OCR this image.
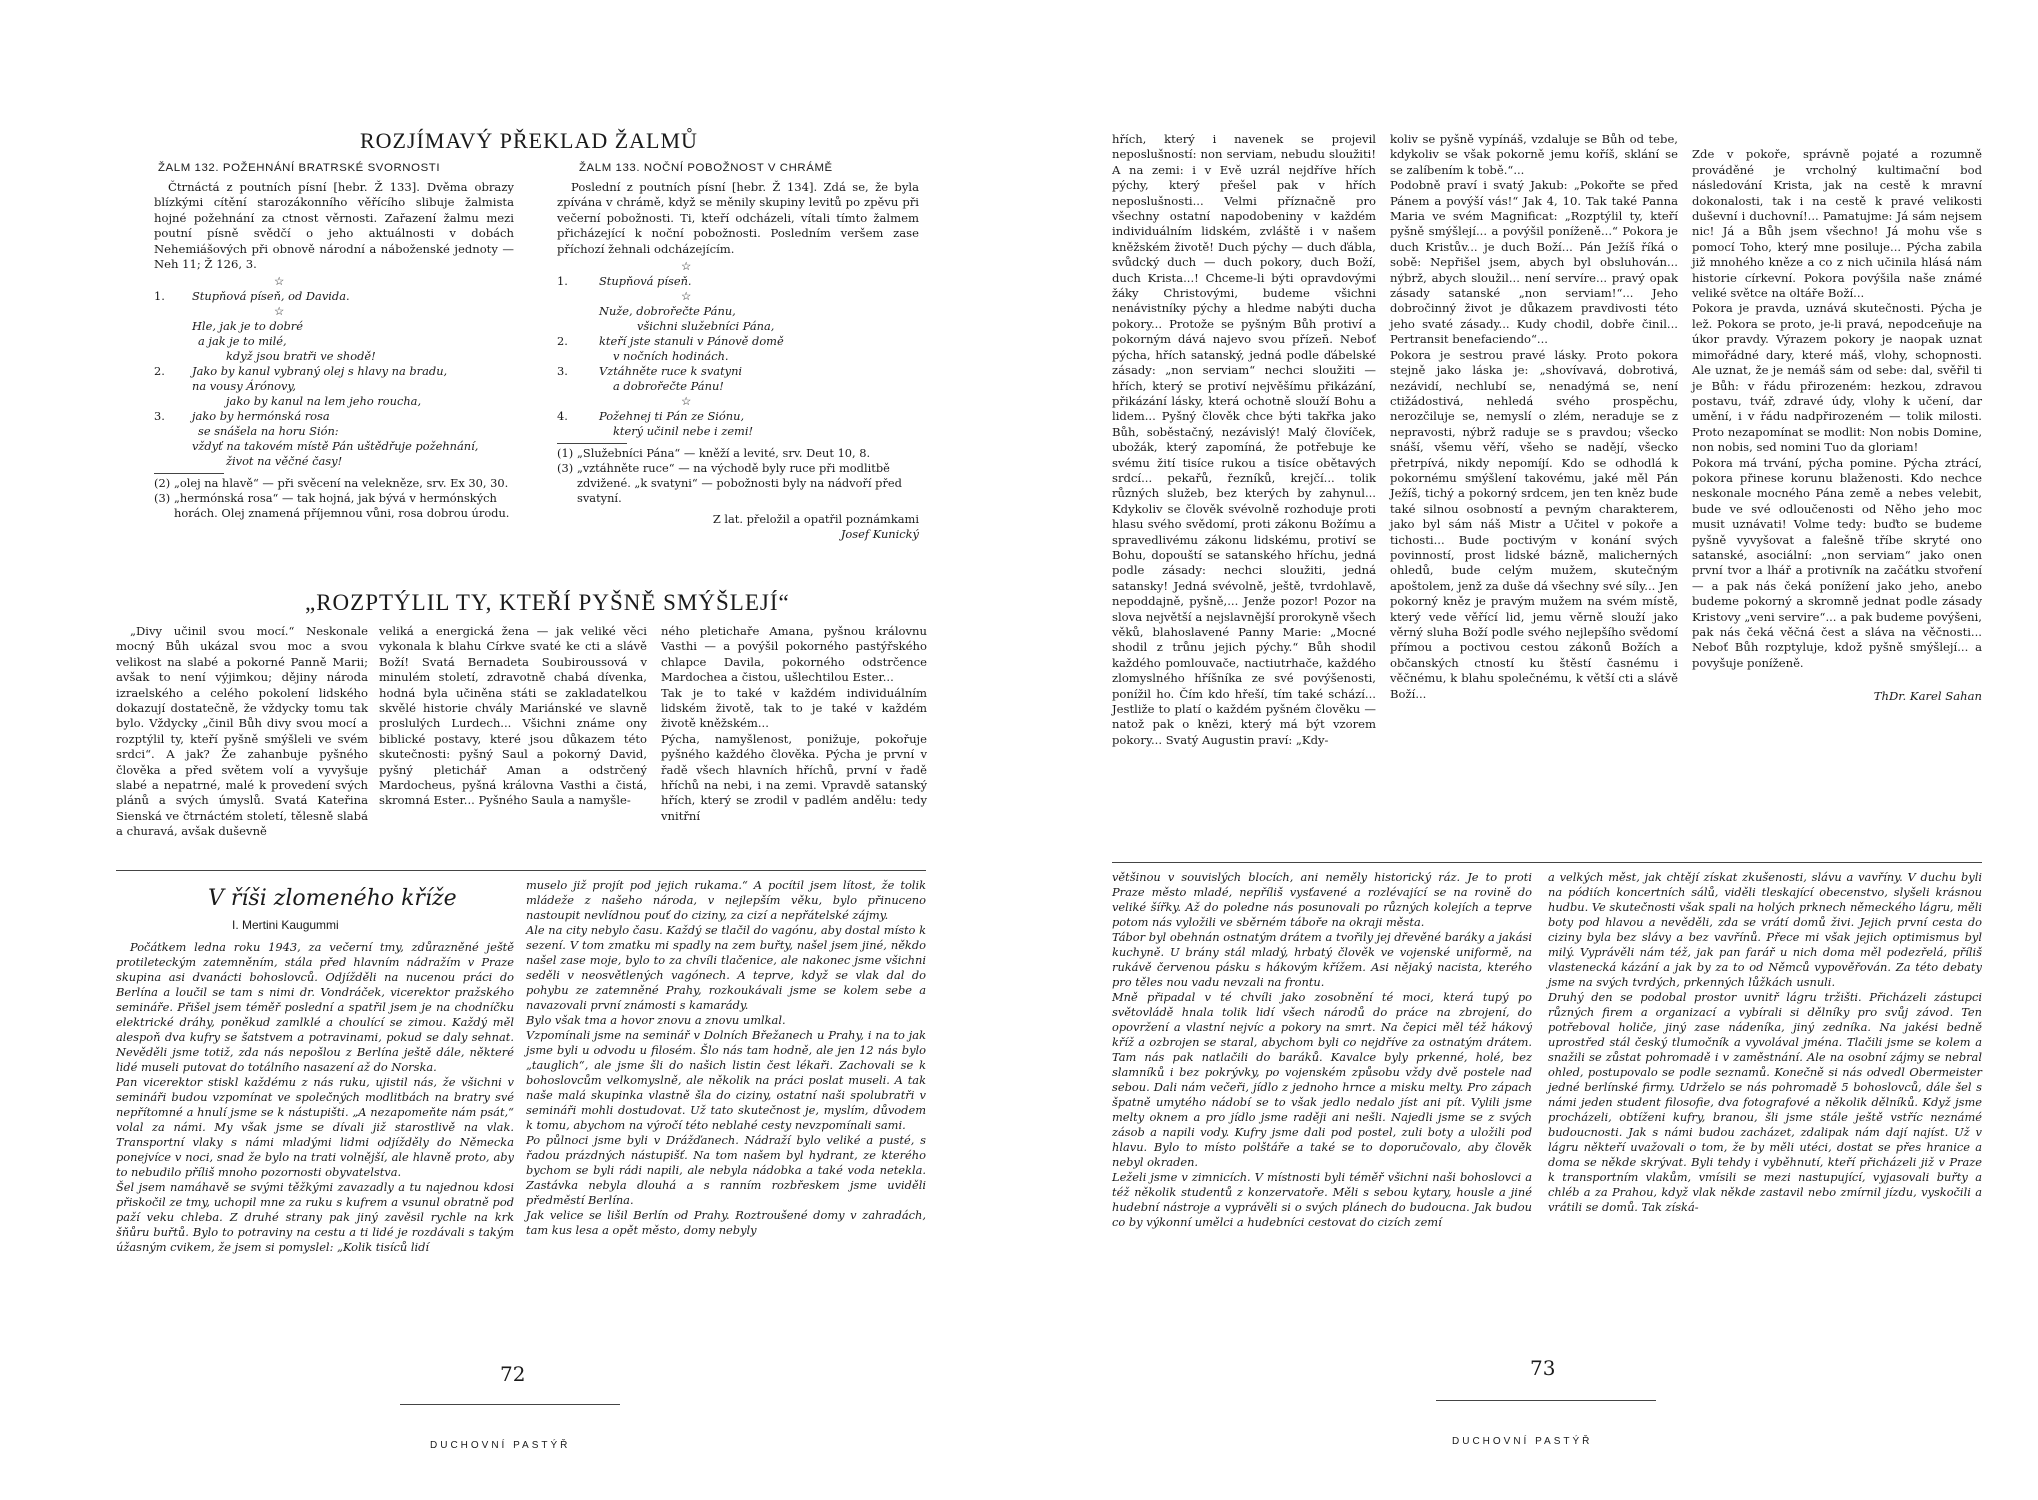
ROZJÍMAVÝ PŘEKLAD ŽALMŮ
ŽALM 132. POŽEHNÁNÍ BRATRSKÉ SVORNOSTI

Čtrnáctá z poutních písní [hebr. Ž 133]. Dvěma obrazy blízkými cítění starozákonního věřícího slibuje žalmista hojné požehnání za ctnost věrnosti. Zařazení žalmu mezi poutní písně svědčí o jeho aktuálnosti v dobách Nehemiášových při obnově národní a náboženské jednoty — Neh 11; Ž 126, 3.

☆
1.	Stupňová píseň, od Davida.
☆
Hle, jak je to dobré
a jak je to milé,
když jsou bratři ve shodě!
2.	Jako by kanul vybraný olej s hlavy na bradu,
na vousy Árónovy,
jako by kanul na lem jeho roucha,
3.	jako by hermónská rosa
se snášela na horu Sión:
vždyť na takovém místě Pán uštědřuje požehnání,
život na věčné časy!
(2) „olej na hlavě“ — při svěcení na velekněze, srv. Ex 30, 30.
(3) „hermónská rosa“ — tak hojná, jak bývá v hermónských horách. Olej znamená příjemnou vůni, rosa dobrou úrodu.
ŽALM 133. NOČNÍ POBOŽNOST V CHRÁMĚ

Poslední z poutních písní [hebr. Ž 134]. Zdá se, že byla zpívána v chrámě, když se měnily skupiny levitů po zpěvu při večerní pobožnosti. Ti, kteří odcházeli, vítali tímto žalmem přicházející k noční pobožnosti. Posledním veršem zase příchozí žehnali odcházejícím.

☆
1.	Stupňová píseň.
☆
Nuže, dobrořečte Pánu,
všichni služebníci Pána,
2.	kteří jste stanuli v Pánově domě
v nočních hodinách.
3.	Vztáhněte ruce k svatyni
a dobrořečte Pánu!
☆
4.	Požehnej ti Pán ze Siónu,
který učinil nebe i zemi!
(1) „Služebníci Pána“ — kněží a levité, srv. Deut 10, 8.
(3) „vztáhněte ruce“ — na východě byly ruce při modlitbě zdvižené. „k svatyni“ — pobožnosti byly na nádvoří před svatyní.
Z lat. přeložil a opatřil poznámkami
Josef Kunický
„ROZPTÝLIL TY, KTEŘÍ PYŠNĚ SMÝŠLEJÍ“

„Divy učinil svou mocí.“ Neskonale mocný Bůh ukázal svou moc a svou velikost na slabé a pokorné Panně Marii; avšak to není výjimkou; dějiny národa izraelského a celého pokolení lidského dokazují dostatečně, že vždycky tomu tak bylo. Vždycky „činil Bůh divy svou mocí a rozptýlil ty, kteří pyšně smýšleli ve svém srdci“. A jak? Že zahanbuje pyšného člověka a před světem volí a vyvyšuje slabé a nepatrné, malé k provedení svých plánů a svých úmyslů. Svatá Kateřina Sienská ve čtrnáctém století, tělesně slabá a churavá, avšak duševně

veliká a energická žena — jak veliké věci vykonala k blahu Církve svaté ke cti a slávě Boží! Svatá Bernadeta Soubiroussová v minulém století, zdravotně chabá dívenka, hodná byla učiněna státi se zakladatelkou skvělé historie chvály Mariánské ve slavně proslulých Lurdech... Všichni známe ony biblické postavy, které jsou důkazem této skutečnosti: pyšný Saul a pokorný David, pyšný pletichář Aman a odstrčený Mardocheus, pyšná královna Vasthi a čistá, skromná Ester... Pyšného Saula a namyšle-

ného pletichaře Amana, pyšnou královnu Vasthi — a povýšil pokorného pastýřského chlapce Davila, pokorného odstrčence Mardochea a čistou, ušlechtilou Ester...
Tak je to také v každém individuálním lidském životě, tak to je také v každém životě kněžském...
Pýcha, namyšlenost, ponižuje, pokořuje pyšného každého člověka. Pýcha je první v řadě všech hlavních hříchů, první v řadě hříchů na nebi, i na zemi. Vpravdě satanský hřích, který se zrodil v padlém andělu: tedy vnitřní

V říši zlomeného kříže
I. Mertini Kaugummi

Počátkem ledna roku 1943, za večerní tmy, zdůrazněné ještě protileteckým zatemněním, stála před hlavním nádražím v Praze skupina asi dvanácti bohoslovců. Odjížděli na nucenou práci do Berlína a loučil se tam s nimi dr. Vondráček, vicerektor pražského semináře. Přišel jsem téměř poslední a spatřil jsem je na chodníčku elektrické dráhy, poněkud zamlklé a choulící se zimou. Každý měl alespoň dva kufry se šatstvem a potravinami, pokud se daly sehnat. Nevěděli jsme totiž, zda nás nepošlou z Berlína ještě dále, některé lidé museli putovat do totálního nasazení až do Norska.
Pan vicerektor stiskl každému z nás ruku, ujistil nás, že všichni v semináři budou vzpomínat ve společných modlitbách na bratry své nepřítomné a hnulí jsme se k nástupišti. „A nezapomeňte nám psát,“ volal za námi. My však jsme se dívali již starostlivě na vlak. Transportní vlaky s námi mladými lidmi odjížděly do Německa ponejvíce v noci, snad že bylo na trati volnější, ale hlavně proto, aby to nebudilo příliš mnoho pozornosti obyvatelstva.
Šel jsem namáhavě se svými těžkými zavazadly a tu najednou kdosi přiskočil ze tmy, uchopil mne za ruku s kufrem a vsunul obratně pod paží veku chleba. Z druhé strany pak jiný zavěsil rychle na krk šňůru buřtů. Bylo to potraviny na cestu a ti lidé je rozdávali s takým úžasným cvikem, že jsem si pomyslel: „Kolik tisíců lidí

muselo již projít pod jejich rukama.“ A pocítil jsem lítost, že tolik mládeže z našeho národa, v nejlepším věku, bylo přinuceno nastoupit nevlídnou pouť do ciziny, za cizí a nepřátelské zájmy.
Ale na city nebylo času. Každý se tlačil do vagónu, aby dostal místo k sezení. V tom zmatku mi spadly na zem buřty, našel jsem jiné, někdo našel zase moje, bylo to za chvíli tlačenice, ale nakonec jsme všichni seděli v neosvětlených vagónech. A teprve, když se vlak dal do pohybu ze zatemněné Prahy, rozkoukávali jsme se kolem sebe a navazovali první známosti s kamarády.
Bylo však tma a hovor znovu a znovu umlkal.
Vzpomínali jsme na seminář v Dolních Břežanech u Prahy, i na to jak jsme byli u odvodu u filosém. Šlo nás tam hodně, ale jen 12 nás bylo „tauglich“, ale jsme šli do našich listin čest lékaři. Zachovali se k bohoslovcům velkomyslně, ale několik na práci poslat museli. A tak naše malá skupinka vlastně šla do ciziny, ostatní naši spolubratři v semináři mohli dostudovat. Už tato skutečnost je, myslím, důvodem k tomu, abychom na výročí této neblahé cesty nevzpomínali sami.
Po půlnoci jsme byli v Drážďanech. Nádraží bylo veliké a pusté, s řadou prázdných nástupišť. Na tom našem byl hydrant, ze kterého bychom se byli rádi napili, ale nebyla nádobka a také voda netekla. Zastávka nebyla dlouhá a s ranním rozbřeskem jsme uviděli předměstí Berlína.
Jak velice se lišil Berlín od Prahy. Roztroušené domy v zahradách, tam kus lesa a opět město, domy nebyly

72
DUCHOVNÍ PASTÝŘ

hřích, který i navenek se projevil neposlušností: non serviam, nebudu sloužiti! A na zemi: i v Evě uzrál nejdříve hřích pýchy, který přešel pak v hřích neposlušnosti... Velmi příznačně pro všechny ostatní napodobeniny v každém individuálním lidském, zvláště i v našem kněžském životě! Duch pýchy — duch ďábla, svůdcký duch — duch pokory, duch Boží, duch Krista...! Chceme-li býti opravdovými žáky Christovými, budeme všichni nenávistníky pýchy a hledme nabýti ducha pokory... Protože se pyšným Bůh protiví a pokorným dává najevo svou přízeň. Neboť pýcha, hřích satanský, jedná podle ďábelské zásady: „non serviam“ nechci sloužiti — hřích, který se protiví nejvěšímu přikázání, přikázání lásky, která ochotně slouží Bohu a lidem... Pyšný člověk chce býti takřka jako Bůh, soběstačný, nezávislý! Malý človíček, ubožák, který zapomíná, že potřebuje ke svému žití tisíce rukou a tisíce obětavých srdcí... pekařů, řezníků, krejčí... tolik různých služeb, bez kterých by zahynul... Kdykoliv se člověk svévolně rozhoduje proti hlasu svého svědomí, proti zákonu Božímu a spravedlivému zákonu lidskému, protiví se Bohu, dopouští se satanského hříchu, jedná podle zásady: nechci sloužiti, jedná satansky! Jedná svévolně, ještě, tvrdohlavě, nepoddajně, pyšně,... Jenže pozor! Pozor na slova největší a nejslavnější prorokyně všech věků, blahoslavené Panny Marie: „Mocné shodil z trůnu jejich pýchy.“ Bůh shodil každého pomlouvače, nactiutrhače, každého zlomyslného hříšníka ze své povýšenosti, ponížil ho. Čím kdo hřeší, tím také schází... Jestliže to platí o každém pyšném člověku — natož pak o knězi, který má být vzorem pokory... Svatý Augustin praví: „Kdy-

koliv se pyšně vypínáš, vzdaluje se Bůh od tebe, kdykoliv se však pokorně jemu koříš, sklání se se zalíbením k tobě.“...
Podobně praví i svatý Jakub: „Pokořte se před Pánem a povýší vás!“ Jak 4, 10. Tak také Panna Maria ve svém Magnificat: „Rozptýlil ty, kteří pyšně smýšlejí... a povýšil poníženě...“ Pokora je duch Kristův... je duch Boží... Pán Ježíš říká o sobě: Nepřišel jsem, abych byl obsluhován... nýbrž, abych sloužil... není servíre... pravý opak zásady satanské „non serviam!“... Jeho dobročinný život je důkazem pravdivosti této jeho svaté zásady... Kudy chodil, dobře činil... Pertransit benefaciendo“...
Pokora je sestrou pravé lásky. Proto pokora stejně jako láska je: „shovívavá, dobrotivá, nezávidí, nechlubí se, nenadýmá se, není ctižádostivá, nehledá svého prospěchu, nerozčiluje se, nemyslí o zlém, neraduje se z nepravosti, nýbrž raduje se s pravdou; všecko snáší, všemu věří, všeho se nadějí, všecko přetrpívá, nikdy nepomíjí. Kdo se odhodlá k pokornému smýšlení takovému, jaké měl Pán Ježíš, tichý a pokorný srdcem, jen ten kněz bude také silnou osobností a pevným charakterem, jako byl sám náš Mistr a Učitel v pokoře a tichosti... Bude poctivým v konání svých povinností, prost lidské bázně, malicherných ohledů, bude celým mužem, skutečným apoštolem, jenž za duše dá všechny své síly... Jen pokorný kněz je pravým mužem na svém místě, který vede věřící lid, jemu věrně slouží jako věrný sluha Boží podle svého nejlepšího svědomí přímou a poctivou cestou zákonů Božích a občanských ctností ku štěstí časnému i věčnému, k blahu společnému, k větší cti a slávě Boží...

Zde v pokoře, správně pojaté a rozumně prováděné je vrcholný kultimační bod následování Krista, jak na cestě k mravní dokonalosti, tak i na cestě k pravé velikosti duševní i duchovní!... Pamatujme: Já sám nejsem nic! Já a Bůh jsem všechno! Já mohu vše s pomocí Toho, který mne posiluje... Pýcha zabila již mnohého kněze a co z nich učinila hlásá nám historie církevní. Pokora povýšila naše známé veliké světce na oltáře Boží...
Pokora je pravda, uznává skutečnosti. Pýcha je lež. Pokora se proto, je-li pravá, nepodceňuje na úkor pravdy. Výrazem pokory je naopak uznat mimořádné dary, které máš, vlohy, schopnosti. Ale uznat, že je nemáš sám od sebe: dal, svěřil ti je Bůh: v řádu přirozeném: hezkou, zdravou postavu, tvář, zdravé údy, vlohy k učení, dar umění, i v řádu nadpřirozeném — tolik milosti. Proto nezapomínat se modlit: Non nobis Domine, non nobis, sed nomini Tuo da gloriam!
Pokora má trvání, pýcha pomine. Pýcha ztrácí, pokora přinese korunu blaženosti. Kdo nechce neskonale mocného Pána země a nebes velebit, bude ve své odloučenosti od Něho jeho moc musit uznávati! Volme tedy: buďto se budeme pyšně vyvyšovat a falešně tříbe skryté ono satanské, asociální: „non serviam“ jako onen první tvor a lhář a protivník na začátku stvoření — a pak nás čeká ponížení jako jeho, anebo budeme pokorný a skromně jednat podle zásady Kristovy „veni servire“... a pak budeme povýšeni, pak nás čeká věčná čest a sláva na věčnosti... Neboť Bůh rozptyluje, kdož pyšně smýšlejí... a povyšuje poníženě.

ThDr. Karel Sahan

většinou v souvislých blocích, ani neměly historický ráz. Je to proti Praze město mladé, nepříliš vysťavené a rozlévající se na rovině do veliké šířky. Až do poledne nás posunovali po různých kolejích a teprve potom nás vyložili ve sběrném táboře na okraji města.
Tábor byl obehnán ostnatým drátem a tvořily jej dřevěné baráky a jakási kuchyně. U brány stál mladý, hrbatý člověk ve vojenské uniformě, na rukávě červenou pásku s hákovým křížem. Asi nějaký nacista, kterého pro těles nou vadu nevzali na frontu.
Mně připadal v té chvíli jako zosobnění té moci, která tupý po světovládě hnala tolik lidí všech národů do práce na zbrojení, do opovržení a vlastní nejvíc a pokory na smrt. Na čepici měl též hákový kříž a ozbrojen se staral, abychom byli co nejdříve za ostnatým drátem. Tam nás pak natlačili do baráků. Kavalce byly prkenné, holé, bez slamníků i bez pokrývky, po vojenském způsobu vždy dvě postele nad sebou. Dali nám večeři, jídlo z jednoho hrnce a misku melty. Pro zápach špatně umytého nádobí se to však jedlo nedalo jíst ani pít. Vylili jsme melty oknem a pro jídlo jsme raději ani nešli. Najedli jsme se z svých zásob a napili vody. Kufry jsme dali pod postel, zuli boty a uložili pod hlavu. Bylo to místo polštáře a také se to doporučovalo, aby člověk nebyl okraden.
Leželi jsme v zimnicích. V místnosti byli téměř všichni naši bohoslovci a též několik studentů z konzervatoře. Měli s sebou kytary, housle a jiné hudební nástroje a vyprávěli si o svých plánech do budoucna. Jak budou co by výkonní umělci a hudebníci cestovat do cizích zemí

a velkých měst, jak chtějí získat zkušenosti, slávu a vavříny. V duchu byli na pódiích koncertních sálů, viděli tleskající obecenstvo, slyšeli krásnou hudbu. Ve skutečnosti však spali na holých prknech německého lágru, měli boty pod hlavou a nevěděli, zda se vrátí domů živi. Jejich první cesta do ciziny byla bez slávy a bez vavřínů. Přece mi však jejich optimismus byl milý. Vyprávěli nám též, jak pan farář u nich doma měl podezřelá, příliš vlastenecká kázání a jak by za to od Němců vypověřován. Za této debaty jsme na svých tvrdých, prkenných lůžkách usnuli.
Druhý den se podobal prostor uvnitř lágru tržišti. Přicházeli zástupci různých firem a organizací a vybírali si dělníky pro svůj závod. Ten potřeboval holiče, jiný zase nádeníka, jiný zedníka. Na jakési bedně uprostřed stál český tlumočník a vyvolával jména. Tlačili jsme se kolem a snažili se zůstat pohromadě i v zaměstnání. Ale na osobní zájmy se nebral ohled, postupovalo se podle seznamů. Konečně si nás odvedl Obermeister jedné berlínské firmy. Udrželo se nás pohromadě 5 bohoslovců, dále šel s námi jeden student filosofie, dva fotografové a několik dělníků. Když jsme procházeli, obtíženi kufry, branou, šli jsme stále ještě vstříc neznámé budoucnosti. Jak s námi budou zacházet, zdalipak nám dají najíst. Už v lágru někteří uvažovali o tom, že by měli utéci, dostat se přes hranice a doma se někde skrývat. Byli tehdy i vyběhnutí, kteří přicházeli již v Praze k transportním vlakům, vmísili se mezi nastupující, vyjasovali buřty a chléb a za Prahou, když vlak někde zastavil nebo zmírnil jízdu, vyskočili a vrátili se domů. Tak získá-

73
DUCHOVNÍ PASTÝŘ
